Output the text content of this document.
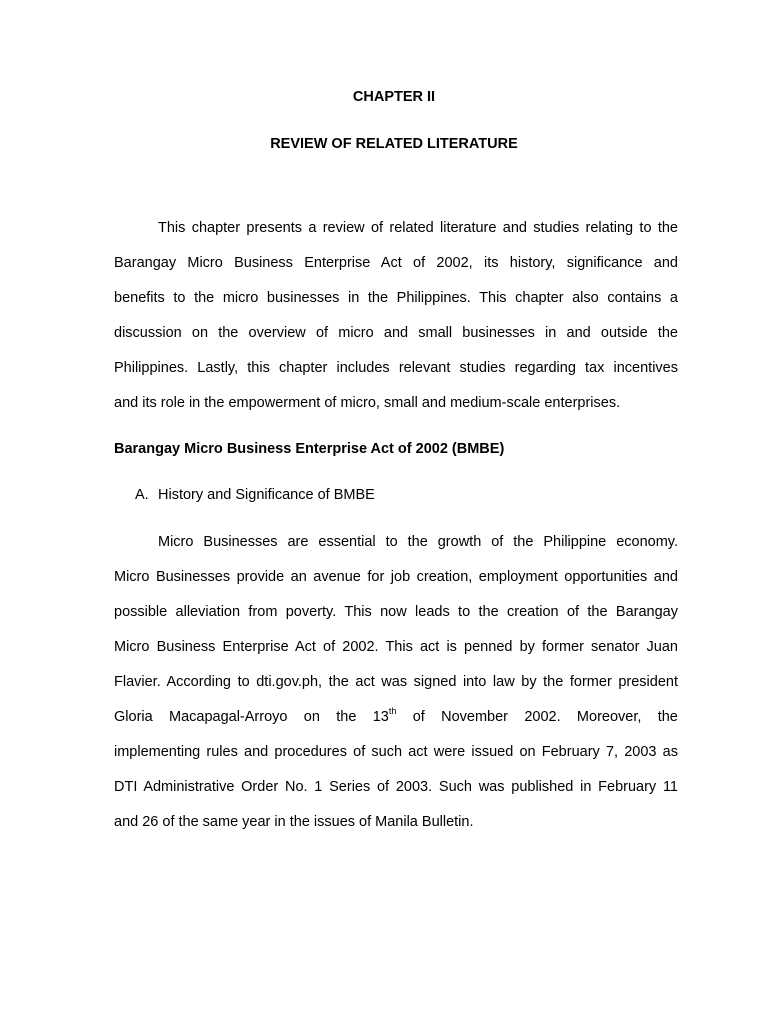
CHAPTER II

REVIEW OF RELATED LITERATURE

This chapter presents a review of related literature and studies relating to the
Barangay Micro Business Enterprise Act of 2002, its history, significance and
benefits to the micro businesses in the Philippines. This chapter also contains a
discussion on the overview of micro and small businesses in and outside the
Philippines. Lastly, this chapter includes relevant studies regarding tax incentives
and its role in the empowerment of micro, small and medium-scale enterprises.

Barangay Micro Business Enterprise Act of 2002 (BMBE)

A. History and Significance of BMBE

Micro Businesses are essential to the growth of the Philippine economy.
Micro Businesses provide an avenue for job creation, employment opportunities and
possible alleviation from poverty. This now leads to the creation of the Barangay
Micro Business Enterprise Act of 2002. This act is penned by former senator Juan
Flavier. According to dti.gov.ph, the act was signed into law by the former president
Gloria Macapagal-Arroyo on the 13th of November 2002. Moreover, the
implementing rules and procedures of such act were issued on February 7, 2003 as
DTI Administrative Order No. 1 Series of 2003. Such was published in February 11
and 26 of the same year in the issues of Manila Bulletin.
